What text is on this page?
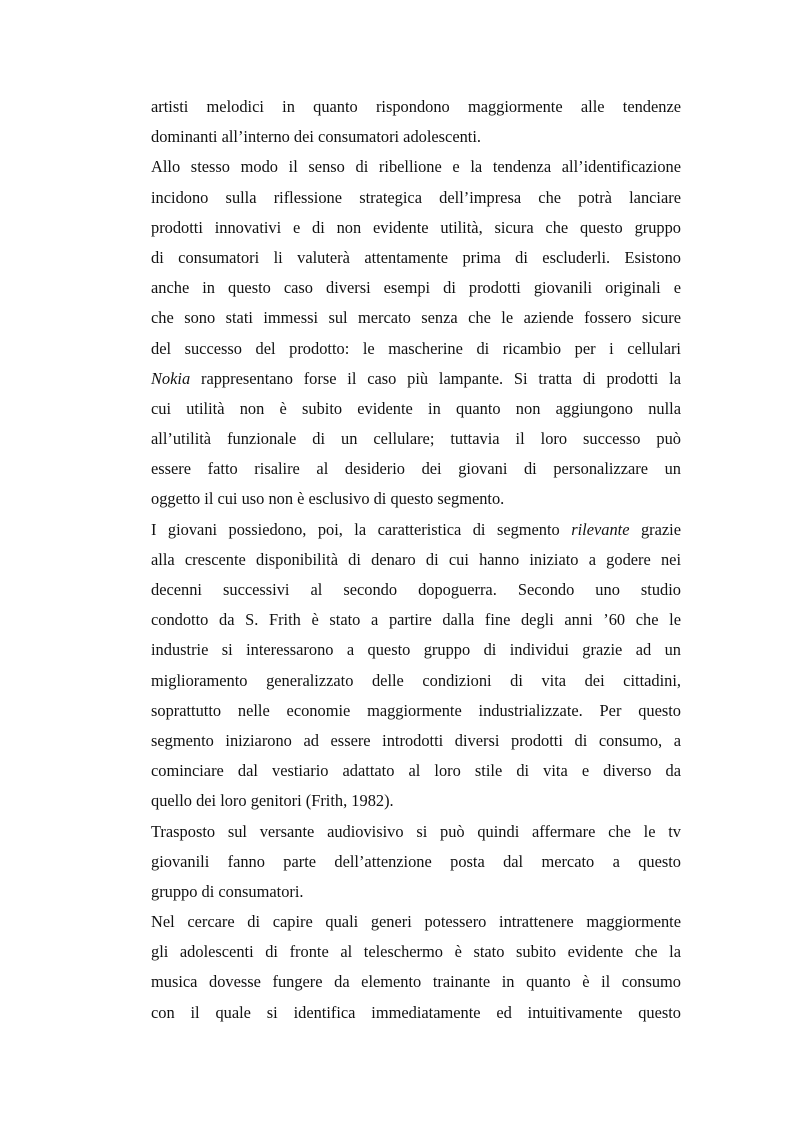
artisti melodici in quanto rispondono maggiormente alle tendenze
dominanti all’interno dei consumatori adolescenti.

Allo stesso modo il senso di ribellione e la tendenza all’identificazione
incidono sulla riflessione strategica dell’impresa che potrà lanciare
prodotti innovativi e di non evidente utilità, sicura che questo gruppo
di consumatori li valuterà attentamente prima di escluderli. Esistono
anche in questo caso diversi esempi di prodotti giovanili originali e
che sono stati immessi sul mercato senza che le aziende fossero sicure
del successo del prodotto: le mascherine di ricambio per i cellulari
Nokia rappresentano forse il caso più lampante. Si tratta di prodotti la
cui utilità non è subito evidente in quanto non aggiungono nulla
all’utilità funzionale di un cellulare; tuttavia il loro successo può
essere fatto risalire al desiderio dei giovani di personalizzare un
oggetto il cui uso non è esclusivo di questo segmento.

I giovani possiedono, poi, la caratteristica di segmento rilevante grazie
alla crescente disponibilità di denaro di cui hanno iniziato a godere nei
decenni successivi al secondo dopoguerra. Secondo uno studio
condotto da S. Frith è stato a partire dalla fine degli anni ’60 che le
industrie si interessarono a questo gruppo di individui grazie ad un
miglioramento generalizzato delle condizioni di vita dei cittadini,
soprattutto nelle economie maggiormente industrializzate. Per questo
segmento iniziarono ad essere introdotti diversi prodotti di consumo, a
cominciare dal vestiario adattato al loro stile di vita e diverso da
quello dei loro genitori (Frith, 1982).

Trasposto sul versante audiovisivo si può quindi affermare che le tv
giovanili fanno parte dell’attenzione posta dal mercato a questo
gruppo di consumatori.

Nel cercare di capire quali generi potessero intrattenere maggiormente
gli adolescenti di fronte al teleschermo è stato subito evidente che la
musica dovesse fungere da elemento trainante in quanto è il consumo
con il quale si identifica immediatamente ed intuitivamente questo
